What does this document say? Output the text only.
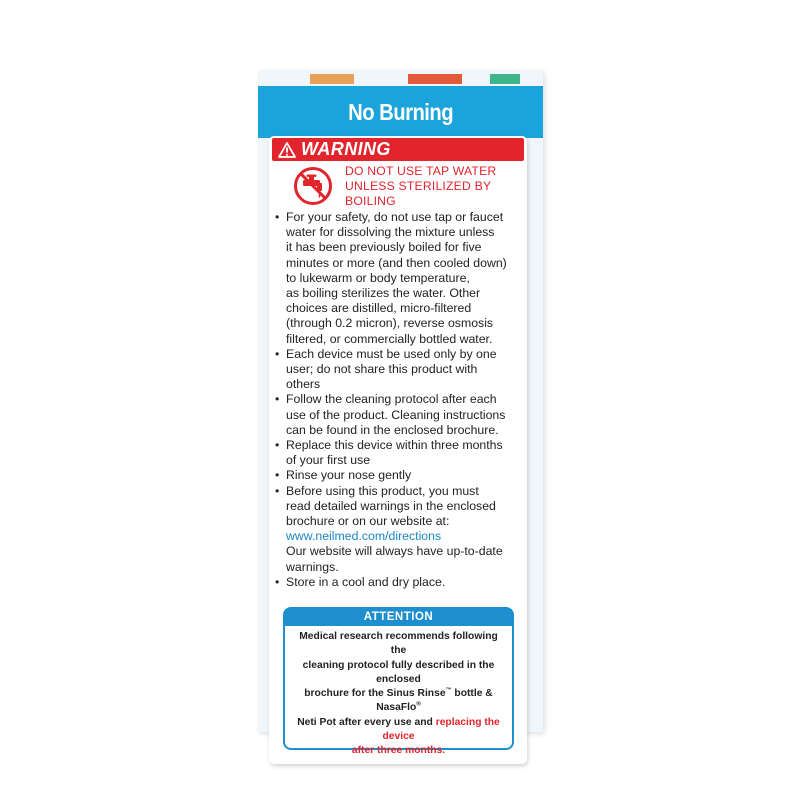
No Burning
WARNING
DO NOT USE TAP WATER
UNLESS STERILIZED BY
BOILING
• For your safety, do not use tap or faucet
water for dissolving the mixture unless
it has been previously boiled for five
minutes or more (and then cooled down)
to lukewarm or body temperature,
as boiling sterilizes the water. Other
choices are distilled, micro-filtered
(through 0.2 micron), reverse osmosis
filtered, or commercially bottled water.
• Each device must be used only by one
user; do not share this product with
others
• Follow the cleaning protocol after each
use of the product. Cleaning instructions
can be found in the enclosed brochure.
• Replace this device within three months
of your first use
• Rinse your nose gently
• Before using this product, you must
read detailed warnings in the enclosed
brochure or on our website at:
www.neilmed.com/directions
Our website will always have up-to-date
warnings.
• Store in a cool and dry place.
ATTENTION
Medical research recommends following the
cleaning protocol fully described in the enclosed
brochure for the Sinus Rinse™ bottle & NasaFlo®
Neti Pot after every use and replacing the device
after three months.
